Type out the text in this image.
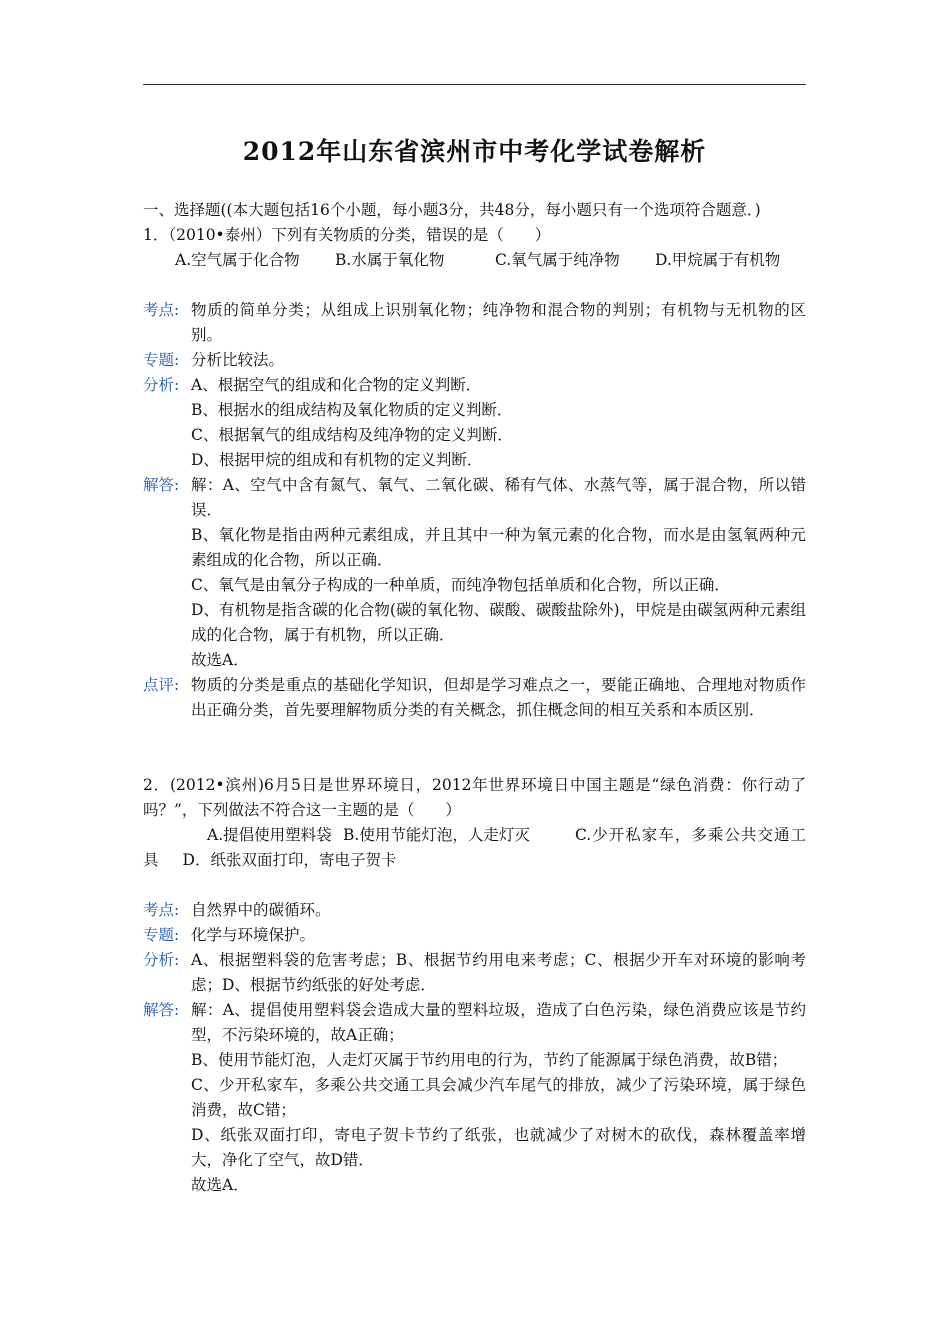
2012年山东省滨州市中考化学试卷解析
一、选择题((本大题包括16个小题，每小题3分，共48分，每小题只有一个选项符合题意．)
1．（2010•泰州）下列有关物质的分类，错误的是（　　）
A.空气属于化合物 B.水属于氧化物	C.氧气属于纯净物 D.甲烷属于有机物
考点: 物质的简单分类；从组成上识别氧化物；纯净物和混合物的判别；有机物与无机物的区别。
专题: 分析比较法。
分析: A、根据空气的组成和化合物的定义判断．

B、根据水的组成结构及氧化物质的定义判断．

C、根据氧气的组成结构及纯净物的定义判断．

D、根据甲烷的组成和有机物的定义判断．

解答: 解：A、空气中含有氮气、氧气、二氧化碳、稀有气体、水蒸气等，属于混合物，所以错误．

B、氧化物是指由两种元素组成，并且其中一种为氧元素的化合物，而水是由氢氧两种元素组成的化合物，所以正确．

C、氧气是由氧分子构成的一种单质，而纯净物包括单质和化合物，所以正确．

D、有机物是指含碳的化合物(碳的氧化物、碳酸、碳酸盐除外)，甲烷是由碳氢两种元素组成的化合物，属于有机物，所以正确．

故选A．

点评: 物质的分类是重点的基础化学知识，但却是学习难点之一，要能正确地、合理地对物质作出正确分类，首先要理解物质分类的有关概念，抓住概念间的相互关系和本质区别．
2．(2012•滨州)6月5日是世界环境日，2012年世界环境日中国主题是“绿色消费：你行动了吗？”，下列做法不符合这一主题的是（　　）
A.提倡使用塑料袋 B.使用节能灯泡，人走灯灭	C.少开私家车，多乘公共交通工具 D．纸张双面打印，寄电子贺卡
考点: 自然界中的碳循环。
专题: 化学与环境保护。
分析: A、根据塑料袋的危害考虑；B、根据节约用电来考虑；C、根据少开车对环境的影响考虑；D、根据节约纸张的好处考虑．
解答: 解：A、提倡使用塑料袋会造成大量的塑料垃圾，造成了白色污染，绿色消费应该是节约型，不污染环境的，故A正确；

B、使用节能灯泡，人走灯灭属于节约用电的行为，节约了能源属于绿色消费，故B错；

C、少开私家车，多乘公共交通工具会减少汽车尾气的排放，减少了污染环境，属于绿色消费，故C错；

D、纸张双面打印，寄电子贺卡节约了纸张，也就减少了对树木的砍伐，森林覆盖率增大，净化了空气，故D错．

故选A．
